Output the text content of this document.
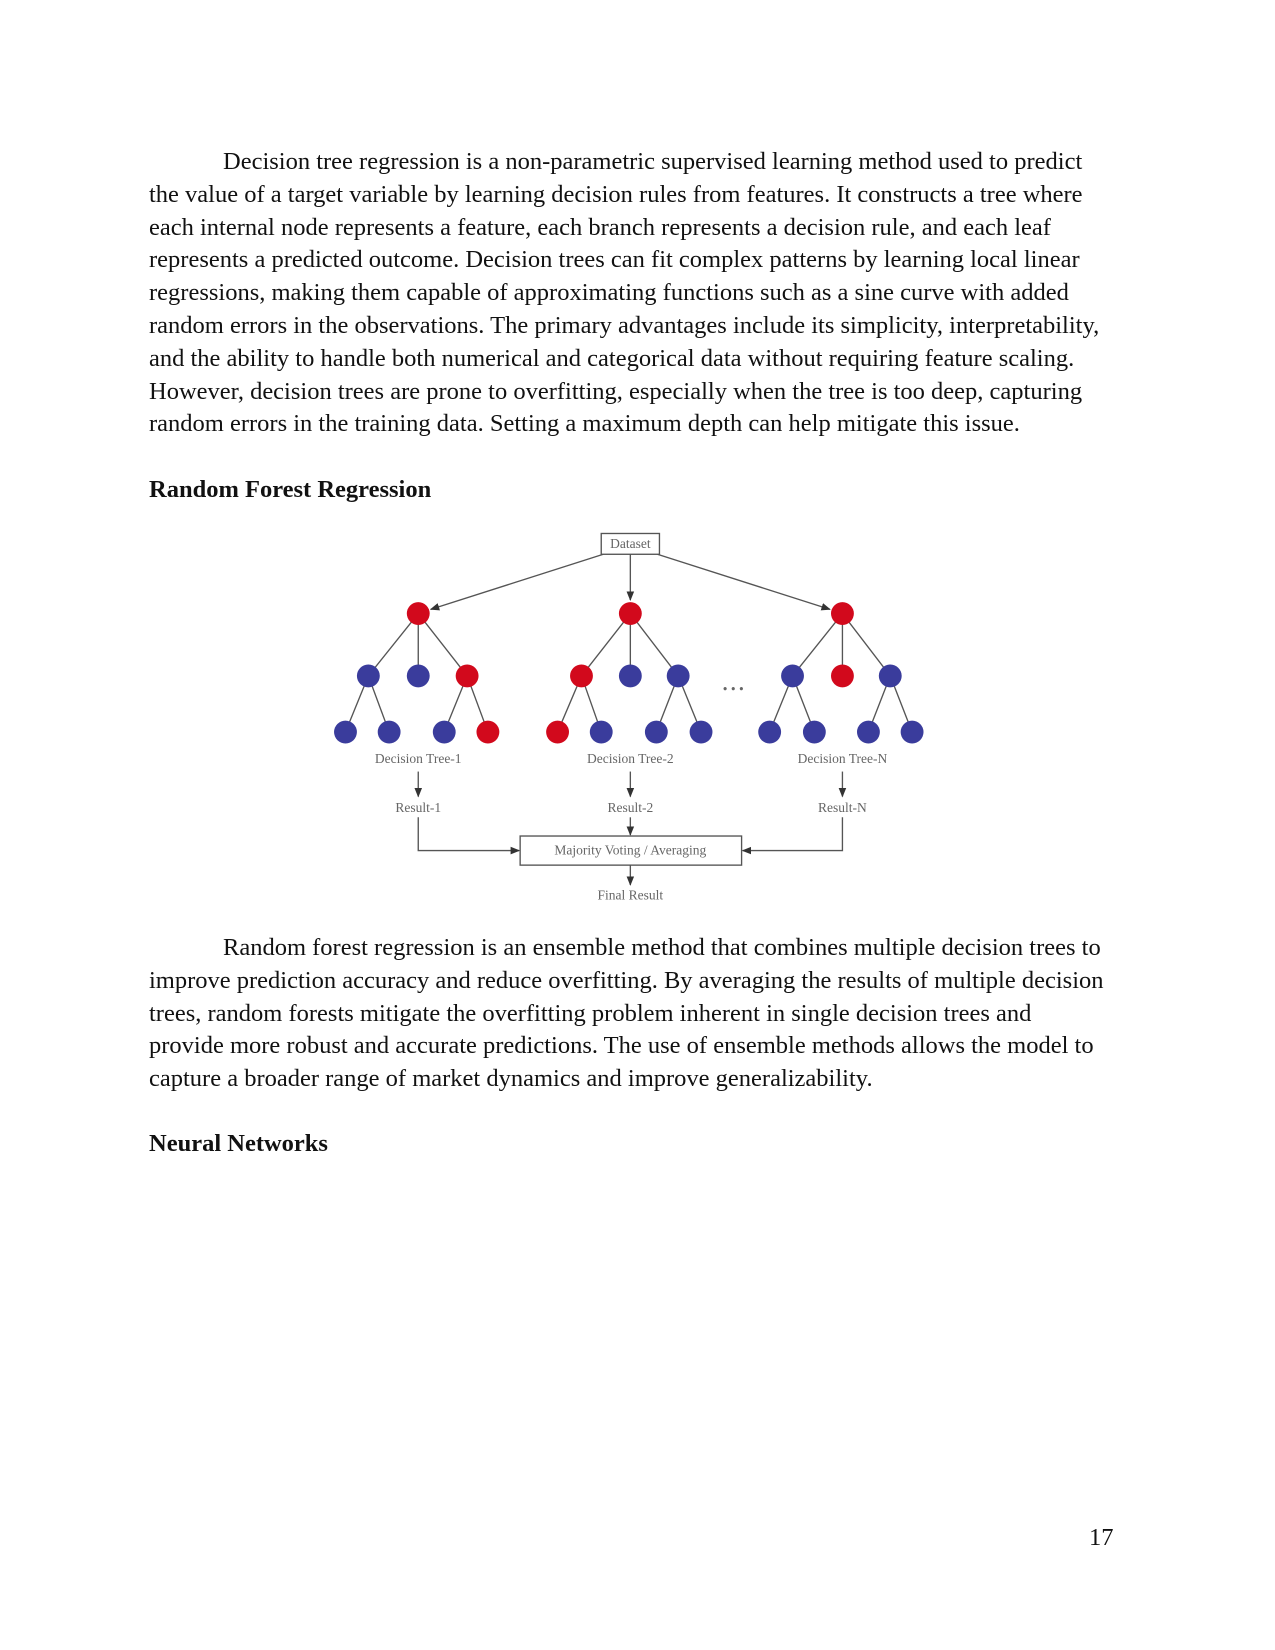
Decision tree regression is a non-parametric supervised learning method used to predict
the value of a target variable by learning decision rules from features. It constructs a tree where
each internal node represents a feature, each branch represents a decision rule, and each leaf
represents a predicted outcome. Decision trees can fit complex patterns by learning local linear
regressions, making them capable of approximating functions such as a sine curve with added
random errors in the observations. The primary advantages include its simplicity, interpretability,
and the ability to handle both numerical and categorical data without requiring feature scaling.
However, decision trees are prone to overfitting, especially when the tree is too deep, capturing
random errors in the training data. Setting a maximum depth can help mitigate this issue.
Random Forest Regression
Dataset
• • •
Decision Tree-1	Decision Tree-2	Decision Tree-N
Result-1	Result-2	Result-N
Majority Voting / Averaging
Final Result
Random forest regression is an ensemble method that combines multiple decision trees to
improve prediction accuracy and reduce overfitting. By averaging the results of multiple decision
trees, random forests mitigate the overfitting problem inherent in single decision trees and
provide more robust and accurate predictions. The use of ensemble methods allows the model to
capture a broader range of market dynamics and improve generalizability.
Neural Networks
17
